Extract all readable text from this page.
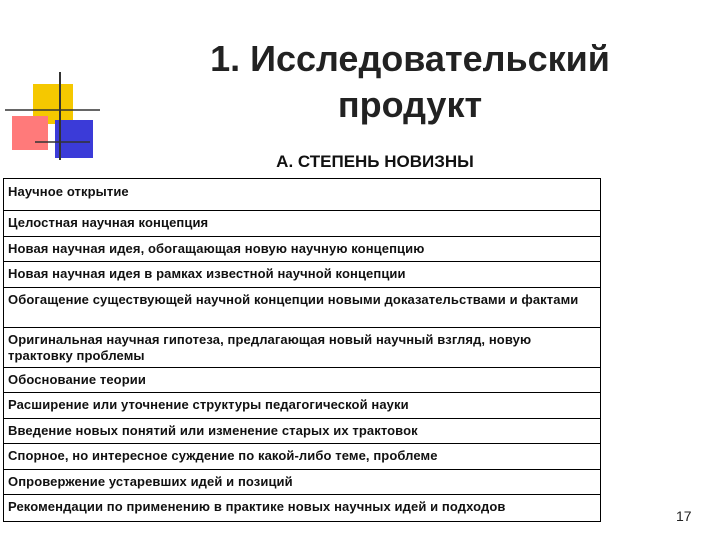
1. Исследовательский продукт
А. СТЕПЕНЬ НОВИЗНЫ
Научное открытие
Целостная научная концепция
Новая научная идея, обогащающая новую научную концепцию
Новая научная идея в рамках известной научной концепции
Обогащение существующей научной концепции новыми доказательствами и фактами
Оригинальная научная гипотеза, предлагающая новый научный взгляд, новую трактовку проблемы
Обоснование теории
Расширение или уточнение структуры педагогической науки
Введение новых понятий или изменение старых их трактовок
Спорное, но интересное суждение по какой-либо теме, проблеме
Опровержение устаревших идей и позиций
Рекомендации по применению в практике новых научных идей и подходов
17
